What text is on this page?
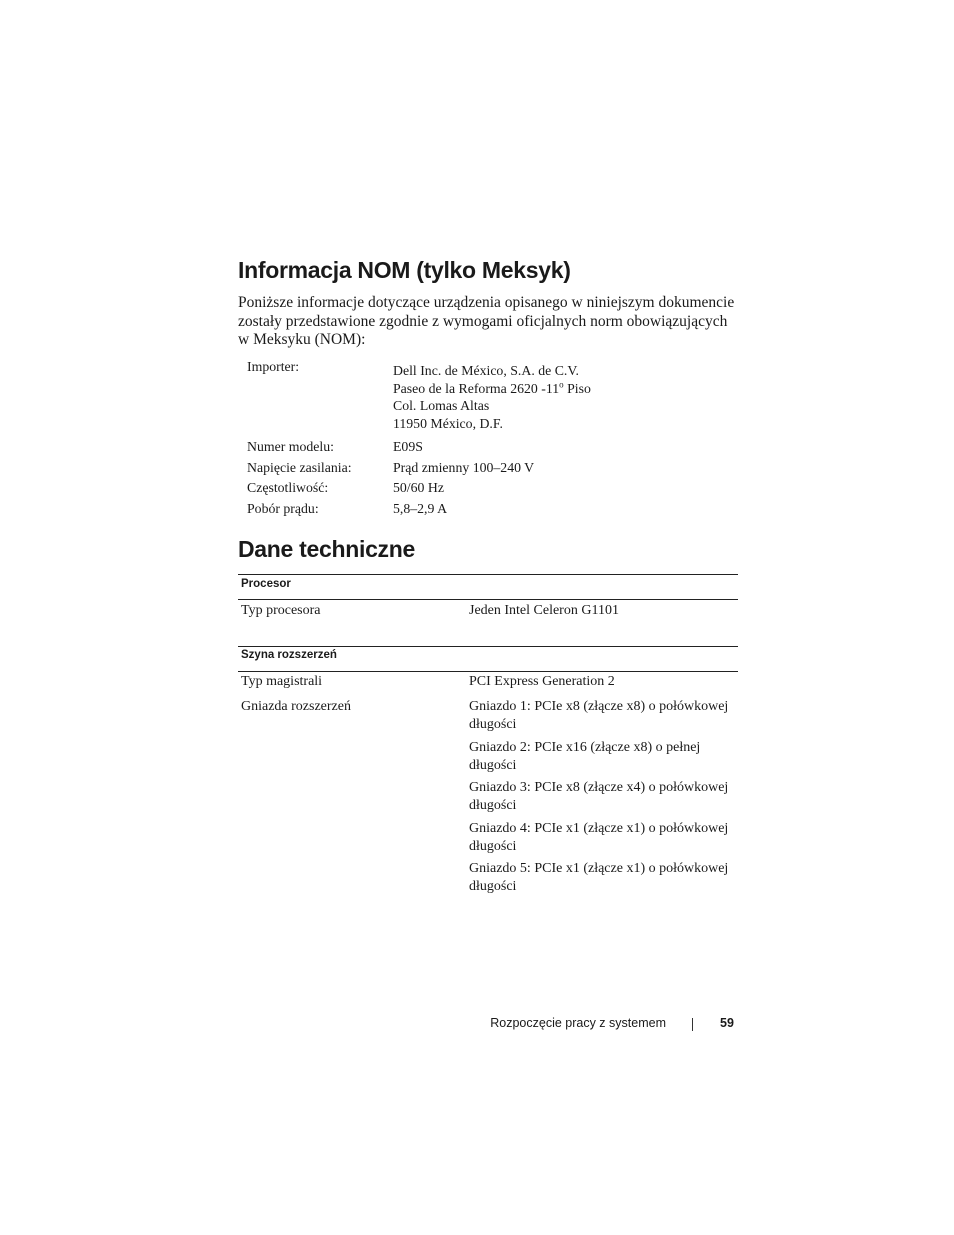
Informacja NOM (tylko Meksyk)

Poniższe informacje dotyczące urządzenia opisanego w niniejszym dokumencie zostały przedstawione zgodnie z wymogami oficjalnych norm obowiązujących w Meksyku (NOM):

Importer:	Dell Inc. de México, S.A. de C.V.
Paseo de la Reforma 2620 -11$^o$ Piso
Col. Lomas Altas
11950 México, D.F.
Numer modelu:	E09S
Napięcie zasilania:	Prąd zmienny 100–240 V
Częstotliwość:	50/60 Hz
Pobór prądu:	5,8–2,9 A
Dane techniczne
Procesor
Typ procesora	Jeden Intel Celeron G1101
Szyna rozszerzeń
Typ magistrali	PCI Express Generation 2
Gniazda rozszerzeń	Gniazdo 1: PCIe x8 (złącze x8) o połówkowej długości
Gniazdo 2: PCIe x16 (złącze x8) o pełnej długości
Gniazdo 3: PCIe x8 (złącze x4) o połówkowej długości
Gniazdo 4: PCIe x1 (złącze x1) o połówkowej długości
Gniazdo 5: PCIe x1 (złącze x1) o połówkowej długości
Rozpoczęcie pracy z systemem	59
